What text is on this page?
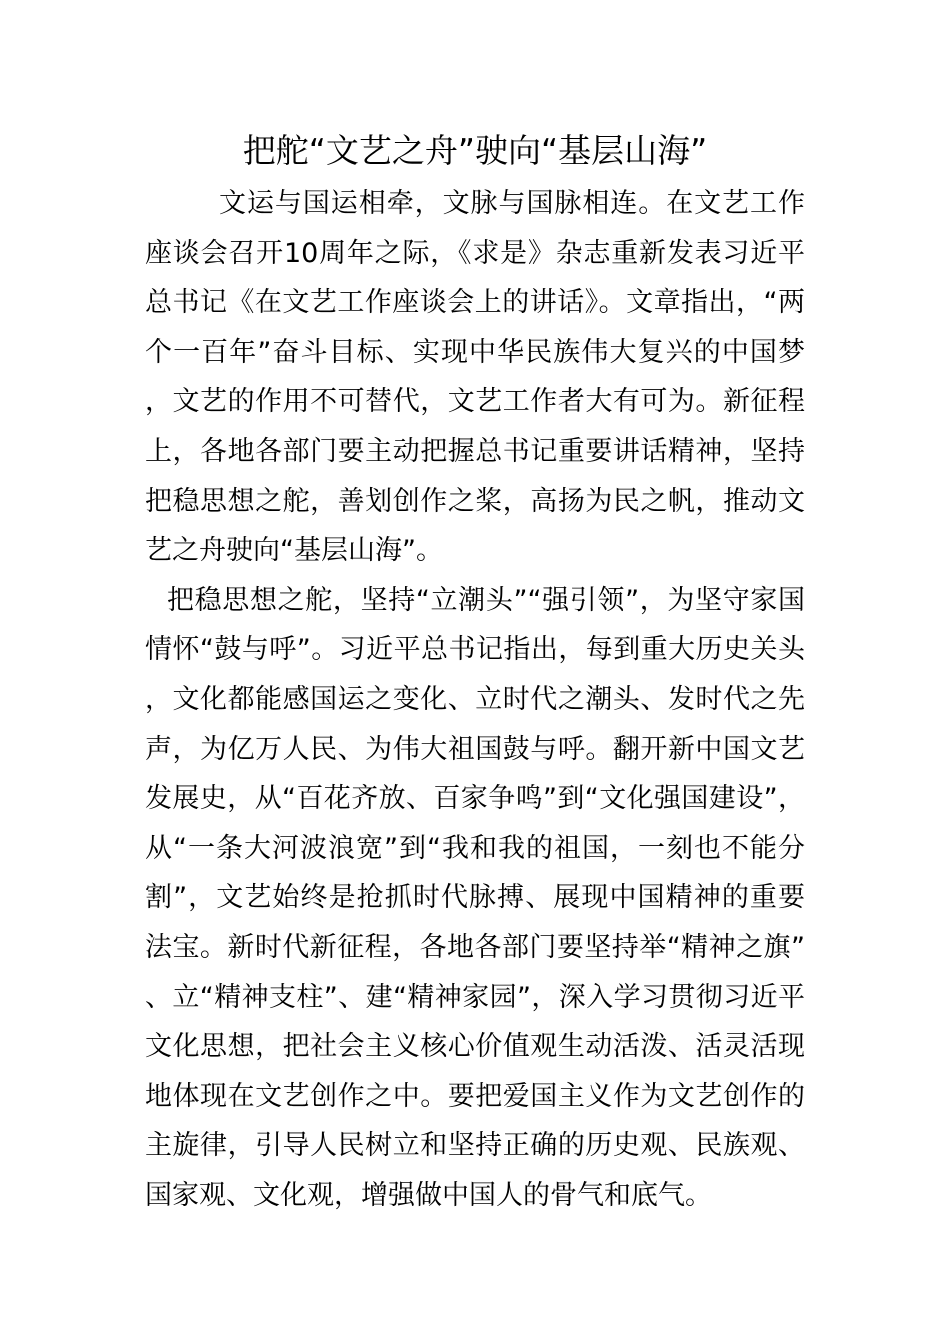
把舵“文艺之舟”驶向“基层山海”

文运与国运相牵，文脉与国脉相连。在文艺工作座谈会召开10周年之际，《求是》杂志重新发表习近平总书记《在文艺工作座谈会上的讲话》。文章指出，“两个一百年”奋斗目标、实现中华民族伟大复兴的中国梦，文艺的作用不可替代，文艺工作者大有可为。新征程上，各地各部门要主动把握总书记重要讲话精神，坚持把稳思想之舵，善划创作之桨，高扬为民之帆，推动文艺之舟驶向“基层山海”。

把稳思想之舵，坚持“立潮头”“强引领”，为坚守家国情怀“鼓与呼”。习近平总书记指出，每到重大历史关头，文化都能感国运之变化、立时代之潮头、发时代之先声，为亿万人民、为伟大祖国鼓与呼。翻开新中国文艺发展史，从“百花齐放、百家争鸣”到“文化强国建设”，从“一条大河波浪宽”到“我和我的祖国，一刻也不能分割”，文艺始终是抢抓时代脉搏、展现中国精神的重要法宝。新时代新征程，各地各部门要坚持举“精神之旗”、立“精神支柱”、建“精神家园”，深入学习贯彻习近平文化思想，把社会主义核心价值观生动活泼、活灵活现地体现在文艺创作之中。要把爱国主义作为文艺创作的主旋律，引导人民树立和坚持正确的历史观、民族观、国家观、文化观，增强做中国人的骨气和底气。
